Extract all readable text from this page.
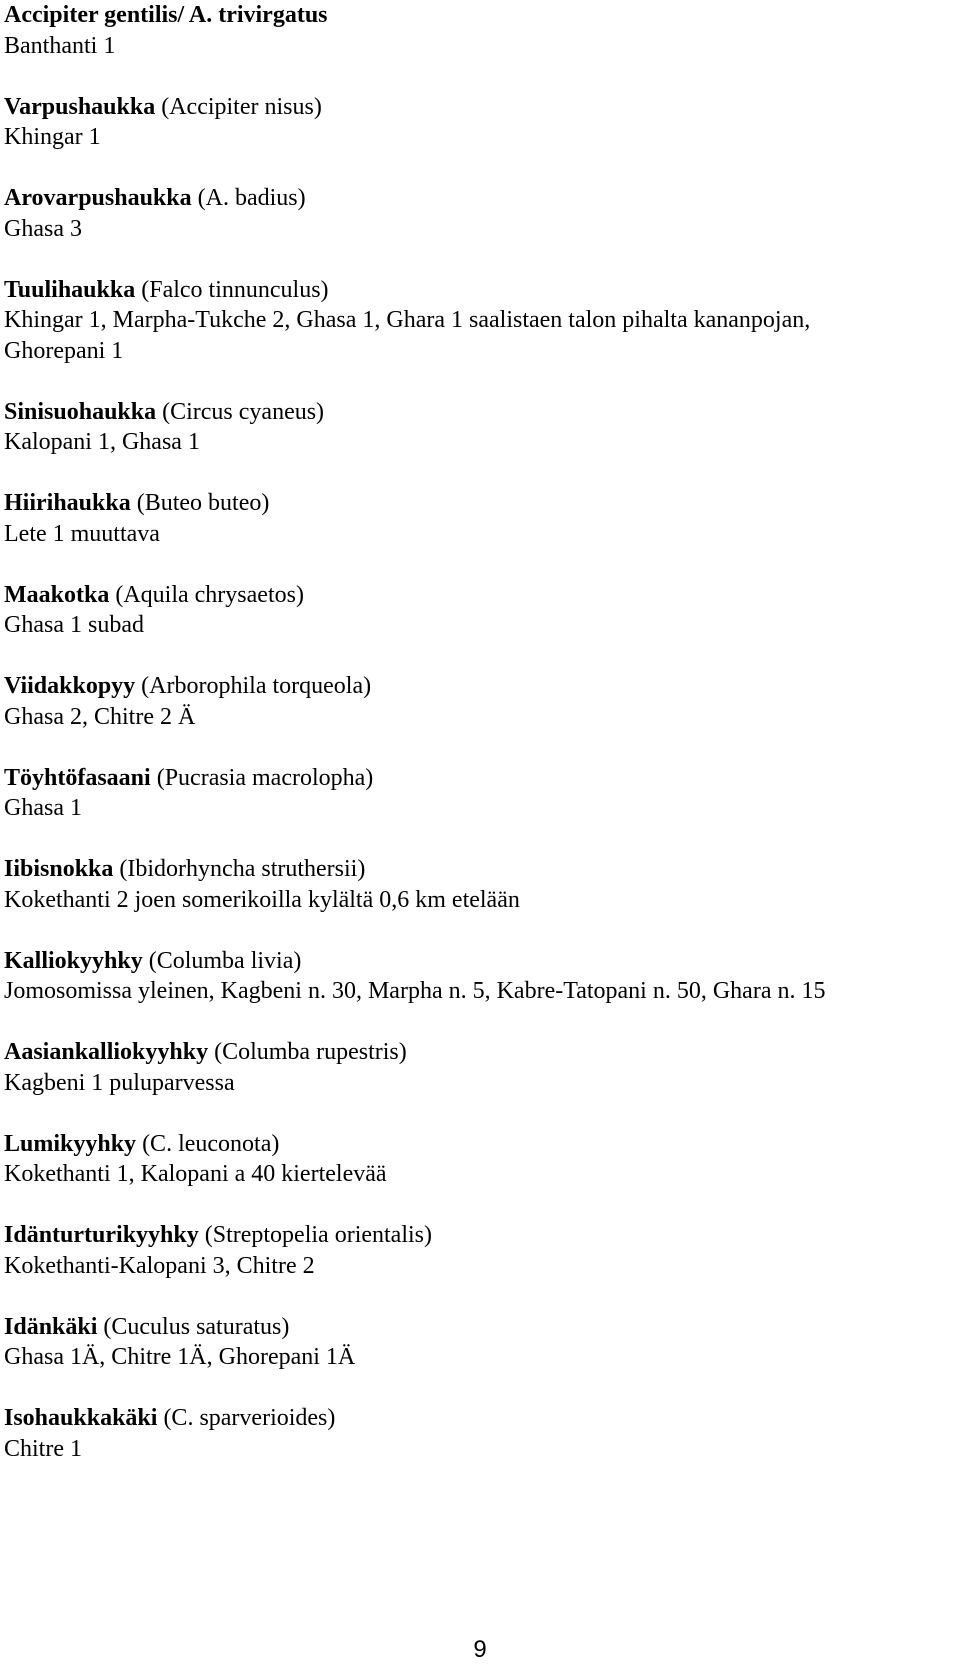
Accipiter gentilis/ A. trivirgatus
Banthanti 1
Varpushaukka (Accipiter nisus)
Khingar 1
Arovarpushaukka (A. badius)
Ghasa 3
Tuulihaukka (Falco tinnunculus)
Khingar 1, Marpha-Tukche 2, Ghasa 1, Ghara 1 saalistaen talon pihalta kananpojan,
Ghorepani 1
Sinisuohaukka (Circus cyaneus)
Kalopani 1, Ghasa 1
Hiirihaukka (Buteo buteo)
Lete 1 muuttava
Maakotka (Aquila chrysaetos)
Ghasa 1 subad
Viidakkopyy (Arborophila torqueola)
Ghasa 2, Chitre 2 Ä
Töyhtöfasaani (Pucrasia macrolopha)
Ghasa 1
Iibisnokka (Ibidorhyncha struthersii)
Kokethanti 2 joen somerikoilla kylältä 0,6 km etelään
Kalliokyyhky (Columba livia)
Jomosomissa yleinen, Kagbeni n. 30, Marpha n. 5, Kabre-Tatopani n. 50, Ghara n. 15
Aasiankalliokyyhky (Columba rupestris)
Kagbeni 1 puluparvessa
Lumikyyhky (C. leuconota)
Kokethanti 1, Kalopani a 40 kiertelevää
Idänturturikyyhky (Streptopelia orientalis)
Kokethanti-Kalopani 3, Chitre 2
Idänkäki (Cuculus saturatus)
Ghasa 1Ä, Chitre 1Ä, Ghorepani 1Ä
Isohaukkakäki (C. sparverioides)
Chitre 1
9
